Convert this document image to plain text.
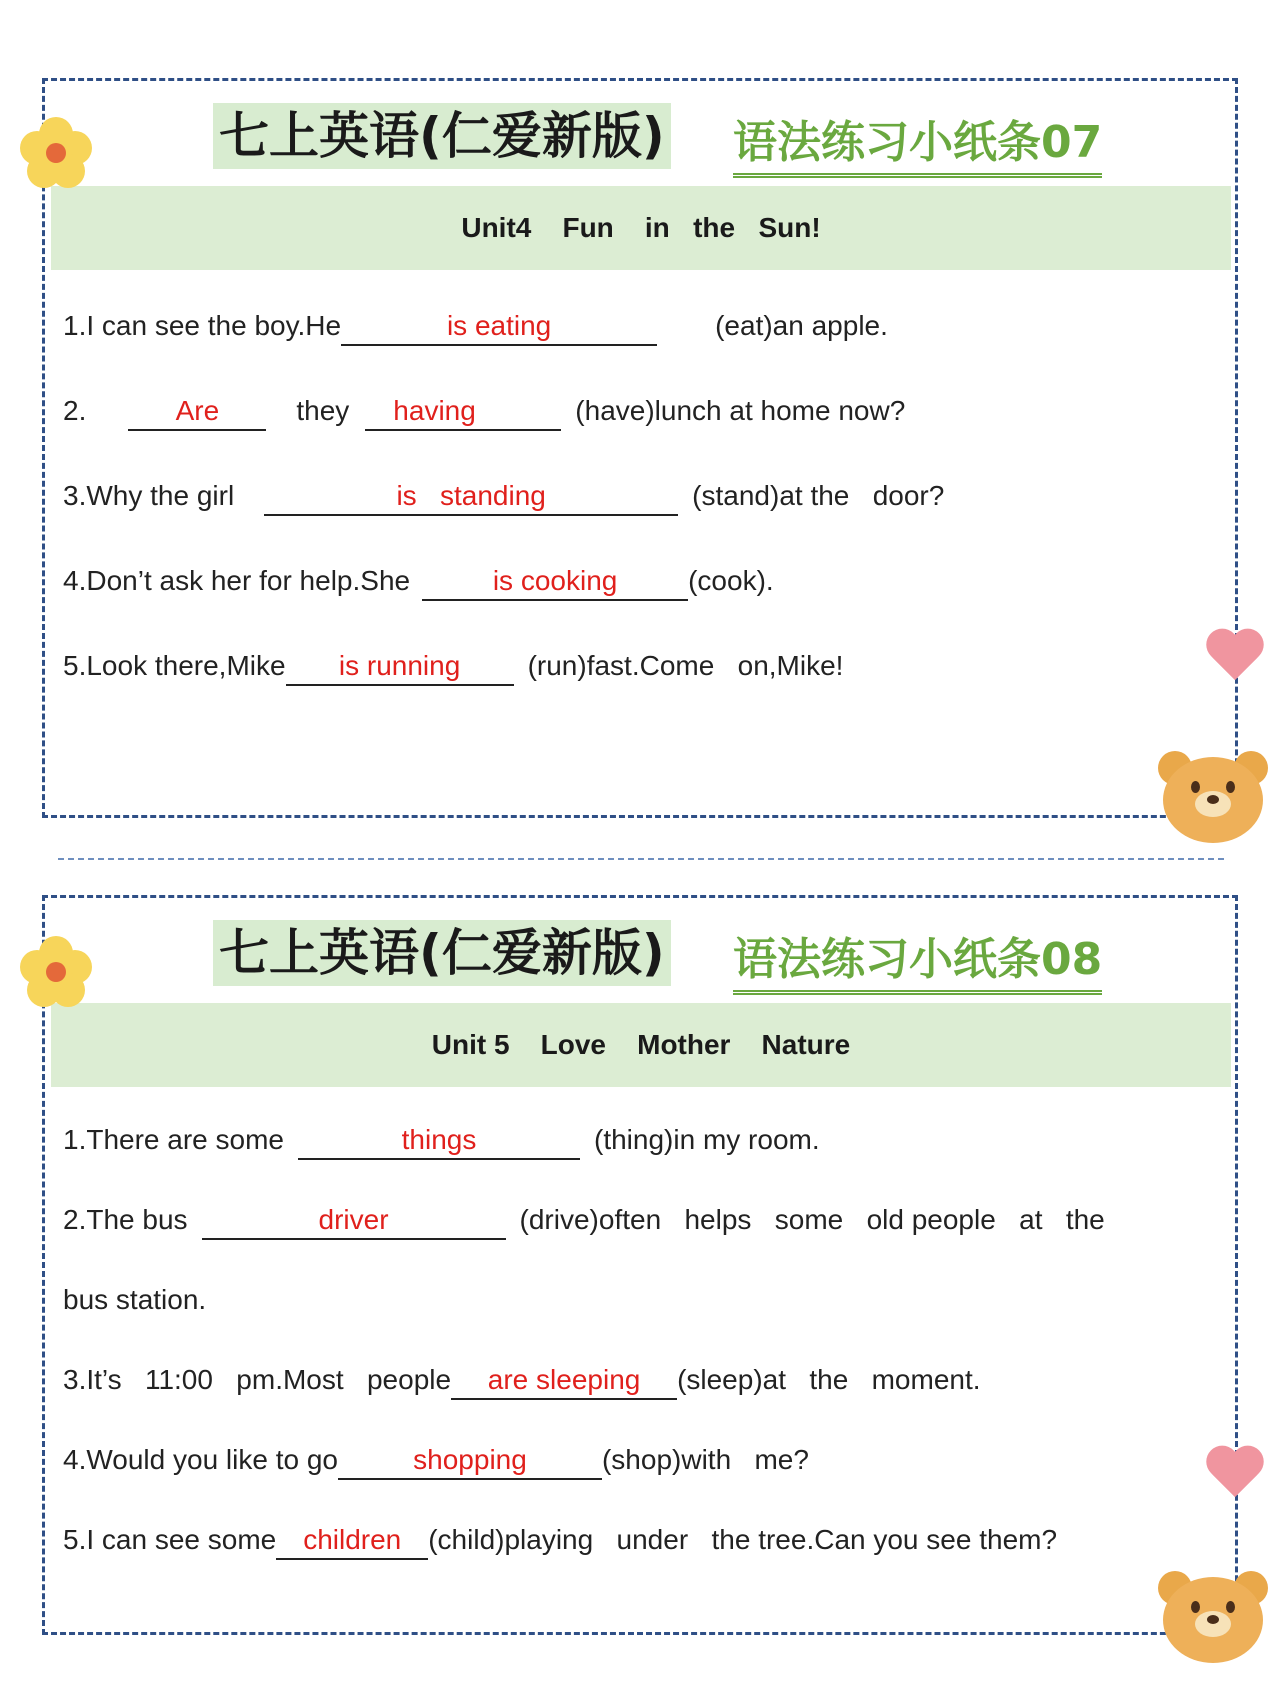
七上英语(仁爱新版) 语法练习小纸条07
Unit4    Fun    in   the   Sun!
1.I can see the boy.He	is eating	(eat)an apple.
2.	Are	they having	(have)lunch at home now?
3.Why the girl	is   standing	(stand)at the   door?
4.Don’t ask her for help.She	is cooking	(cook).
5.Look there,Mike is running (run)fast.Come   on,Mike!
七上英语(仁爱新版) 语法练习小纸条08
Unit 5    Love    Mother    Nature
1.There are some	things	(thing)in my room.
2.The bus	driver	(drive)often   helps   some   old people   at   the
bus station.
3.It’s   11:00   pm.Most   people are sleeping (sleep)at   the   moment.
4.Would you like to go	shopping	(shop)with   me?
5.I can see some children (child)playing   under   the tree.Can you see them?
